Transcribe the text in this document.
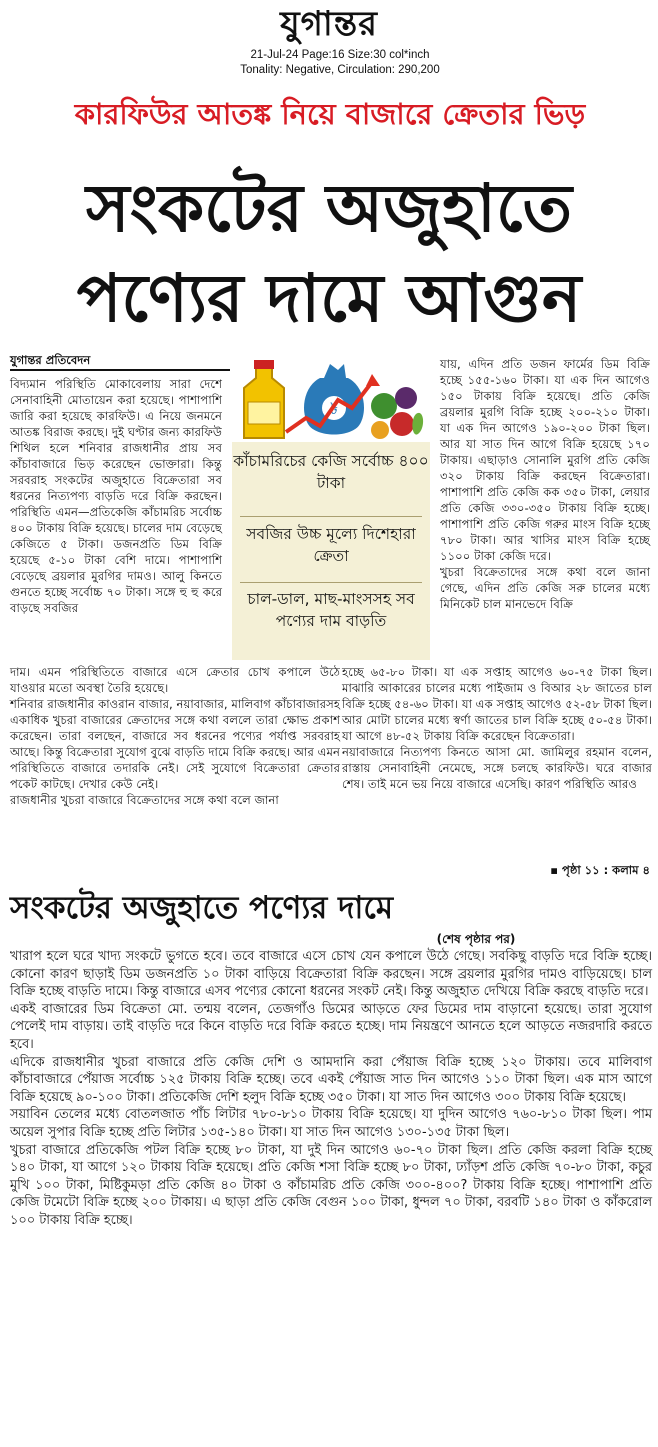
যুগান্তর
21-Jul-24 Page:16 Size:30 col*inch
Tonality: Negative, Circulation: 290,200
কারফিউর আতঙ্ক নিয়ে বাজারে ক্রেতার ভিড়
সংকটের অজুহাতে
পণ্যের দামে আগুন
যুগান্তর প্রতিবেদন

বিদ্যমান পরিস্থিতি মোকাবেলায় সারা দেশে সেনাবাহিনী মোতায়েন করা হয়েছে। পাশাপাশি জারি করা হয়েছে কারফিউ। এ নিয়ে জনমনে আতঙ্ক বিরাজ করছে। দুই ঘণ্টার জন্য কারফিউ শিথিল হলে শনিবার রাজধানীর প্রায় সব কাঁচাবাজারে ভিড় করেছেন ভোক্তারা। কিন্তু সরবরাহ সংকটের অজুহাতে বিক্রেতারা সব ধরনের নিত্যপণ্য বাড়তি দরে বিক্রি করছেন। পরিস্থিতি এমন—প্রতিকেজি কাঁচামরিচ সর্বোচ্চ ৪০০ টাকায় বিক্রি হয়েছে। চালের দাম বেড়েছে কেজিতে ৫ টাকা। ডজনপ্রতি ডিম বিক্রি হয়েছে ৫-১০ টাকা বেশি দামে। পাশাপাশি বেড়েছে ব্রয়লার মুরগির দামও। আলু কিনতে গুনতে হচ্ছে সর্বোচ্চ ৭০ টাকা। সঙ্গে হু হু করে বাড়ছে সবজির

৳
কাঁচামরিচের কেজি সর্বোচ্চ ৪০০ টাকা
সবজির উচ্চ মূল্যে দিশেহারা ক্রেতা
চাল-ডাল, মাছ-মাংসসহ সব পণ্যের দাম বাড়তি

যায়, এদিন প্রতি ডজন ফার্মের ডিম বিক্রি হচ্ছে ১৫৫-১৬০ টাকা। যা এক দিন আগেও ১৫০ টাকায় বিক্রি হয়েছে। প্রতি কেজি ব্রয়লার মুরগি বিক্রি হচ্ছে ২০০-২১০ টাকা। যা এক দিন আগেও ১৯০-২০০ টাকা ছিল। আর যা সাত দিন আগে বিক্রি হয়েছে ১৭০ টাকায়। এছাড়াও সোনালি মুরগি প্রতি কেজি ৩২০ টাকায় বিক্রি করছেন বিক্রেতারা। পাশাপাশি প্রতি কেজি কক ৩৫০ টাকা, লেয়ার প্রতি কেজি ৩৩০-৩৫০ টাকায় বিক্রি হচ্ছে। পাশাপাশি প্রতি কেজি গরুর মাংস বিক্রি হচ্ছে ৭৮০ টাকা। আর খাসির মাংস বিক্রি হচ্ছে ১১০০ টাকা কেজি দরে।
খুচরা বিক্রেতাদের সঙ্গে কথা বলে জানা গেছে, এদিন প্রতি কেজি সরু চালের মধ্যে মিনিকেট চাল মানভেদে বিক্রি

দাম। এমন পরিস্থিতিতে বাজারে এসে ক্রেতার চোখ কপালে উঠে যাওয়ার মতো অবস্থা তৈরি হয়েছে।
শনিবার রাজধানীর কাওরান বাজার, নয়াবাজার, মালিবাগ কাঁচাবাজারসহ একাধিক খুচরা বাজারের ক্রেতাদের সঙ্গে কথা বললে তারা ক্ষোভ প্রকাশ করেছেন। তারা বলছেন, বাজারে সব ধরনের পণ্যের পর্যাপ্ত সরবরাহ আছে। কিন্তু বিক্রেতারা সুযোগ বুঝে বাড়তি দামে বিক্রি করছে। আর এমন পরিস্থিতিতে বাজারে তদারকি নেই। সেই সুযোগে বিক্রেতারা ক্রেতার পকেট কাটছে। দেখার কেউ নেই।
রাজধানীর খুচরা বাজারে বিক্রেতাদের সঙ্গে কথা বলে জানা

হচ্ছে ৬৫-৮০ টাকা। যা এক সপ্তাহ আগেও ৬০-৭৫ টাকা ছিল। মাঝারি আকারের চালের মধ্যে পাইজাম ও বিআর ২৮ জাতের চাল বিক্রি হচ্ছে ৫৪-৬০ টাকা। যা এক সপ্তাহ আগেও ৫২-৫৮ টাকা ছিল। আর মোটা চালের মধ্যে স্বর্ণা জাতের চাল বিক্রি হচ্ছে ৫০-৫৪ টাকা। যা আগে ৪৮-৫২ টাকায় বিক্রি করেছেন বিক্রেতারা।
নয়াবাজারে নিত্যপণ্য কিনতে আসা মো. জামিলুর রহমান বলেন, রাস্তায় সেনাবাহিনী নেমেছে, সঙ্গে চলছে কারফিউ। ঘরে বাজার শেষ। তাই মনে ভয় নিয়ে বাজারে এসেছি। কারণ পরিস্থিতি আরও

▪ পৃষ্ঠা ১১ : কলাম ৪
সংকটের অজুহাতে পণ্যের দামে
(শেষ পৃষ্ঠার পর)

খারাপ হলে ঘরে খাদ্য সংকটে ভুগতে হবে। তবে বাজারে এসে চোখ যেন কপালে উঠে গেছে। সবকিছু বাড়তি দরে বিক্রি হচ্ছে। কোনো কারণ ছাড়াই ডিম ডজনপ্রতি ১০ টাকা বাড়িয়ে বিক্রেতারা বিক্রি করছেন। সঙ্গে ব্রয়লার মুরগির দামও বাড়িয়েছে। চাল বিক্রি হচ্ছে বাড়তি দামে। কিন্তু বাজারে এসব পণ্যের কোনো ধরনের সংকট নেই। কিন্তু অজুহাত দেখিয়ে বিক্রি করছে বাড়তি দরে।
একই বাজারের ডিম বিক্রেতা মো. তন্ময় বলেন, তেজগাঁও ডিমের আড়তে ফের ডিমের দাম বাড়ানো হয়েছে। তারা সুযোগ পেলেই দাম বাড়ায়। তাই বাড়তি দরে কিনে বাড়তি দরে বিক্রি করতে হচ্ছে। দাম নিয়ন্ত্রণে আনতে হলে আড়তে নজরদারি করতে হবে।
এদিকে রাজধানীর খুচরা বাজারে প্রতি কেজি দেশি ও আমদানি করা পেঁয়াজ বিক্রি হচ্ছে ১২০ টাকায়। তবে মালিবাগ কাঁচাবাজারে পেঁয়াজ সর্বোচ্চ ১২৫ টাকায় বিক্রি হচ্ছে। তবে একই পেঁয়াজ সাত দিন আগেও ১১০ টাকা ছিল। এক মাস আগে বিক্রি হয়েছে ৯০-১০০ টাকা। প্রতিকেজি দেশি হলুদ বিক্রি হচ্ছে ৩৫০ টাকা। যা সাত দিন আগেও ৩০০ টাকায় বিক্রি হয়েছে।
সয়াবিন তেলের মধ্যে বোতলজাত পাঁচ লিটার ৭৮০-৮১০ টাকায় বিক্রি হয়েছে। যা দুদিন আগেও ৭৬০-৮১০ টাকা ছিল। পাম অয়েল সুপার বিক্রি হচ্ছে প্রতি লিটার ১৩৫-১৪০ টাকা। যা সাত দিন আগেও ১৩০-১৩৫ টাকা ছিল।
খুচরা বাজারে প্রতিকেজি পটল বিক্রি হচ্ছে ৮০ টাকা, যা দুই দিন আগেও ৬০-৭০ টাকা ছিল। প্রতি কেজি করলা বিক্রি হচ্ছে ১৪০ টাকা, যা আগে ১২০ টাকায় বিক্রি হয়েছে। প্রতি কেজি শসা বিক্রি হচ্ছে ৮০ টাকা, ঢ্যাঁড়শ প্রতি কেজি ৭০-৮০ টাকা, কচুর মুখি ১০০ টাকা, মিষ্টিকুমড়া প্রতি কেজি ৪০ টাকা ও কাঁচামরিচ প্রতি কেজি ৩০০-৪০০? টাকায় বিক্রি হচ্ছে। পাশাপাশি প্রতি কেজি টমেটো বিক্রি হচ্ছে ২০০ টাকায়। এ ছাড়া প্রতি কেজি বেগুন ১০০ টাকা, ধুন্দল ৭০ টাকা, বরবটি ১৪০ টাকা ও কাঁকরোল ১০০ টাকায় বিক্রি হচ্ছে।
